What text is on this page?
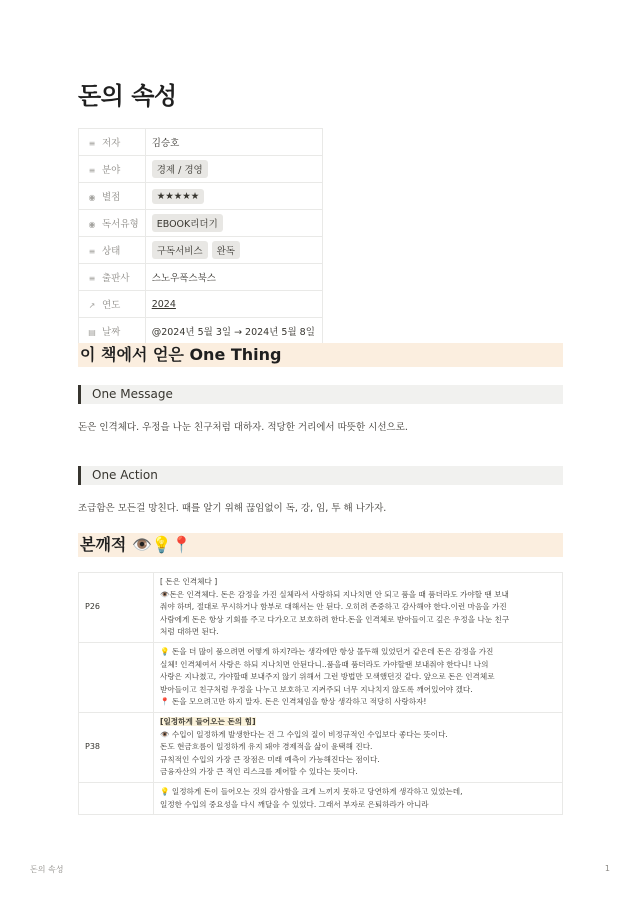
돈의 속성
≡ 저자	김승호
≡ 분야	경제 / 경영
◉ 별점	★★★★★
◉ 독서유형	EBOOK리더기
≡ 상태	구독서비스 완독
≡ 출판사	스노우폭스북스
↗ 연도	2024
▤ 날짜	@2024년 5월 3일 → 2024년 5월 8일
이 책에서 얻은 One Thing
One Message
돈은 인격체다. 우정을 나눈 친구처럼 대하자. 적당한 거리에서 따뜻한 시선으로.
One Action
조급함은 모든걸 망친다. 때를 알기 위해 끊임없이 독, 강, 임, 투 해 나가자.
본깨적 👁️💡📍
P26	[ 돈은 인격체다 ]
👁️돈은 인격체다. 돈은 감정을 가진 실체라서 사랑하되 지나치면 안 되고 품을 때 품더라도 가야할 땐 보내
줘야 하며, 절대로 무시하거나 함부로 대해서는 안 된다. 오히려 존중하고 감사해야 한다.이런 마음을 가진
사람에게 돈은 항상 기회를 주고 다가오고 보호하려 한다.돈을 인격체로 받아들이고 깊은 우정을 나눈 친구
처럼 대하면 된다.

	💡 돈을 더 많이 품으려면 어떻게 하지?라는 생각에만 항상 몰두해 있었던거 같은데 돈은 감정을 가진
실체! 인격체여서 사랑은 하되 지나치면 안된다니..품을때 품더라도 가야할땐 보내줘야 한다니! 나의
사랑은 지나쳤고, 가야할때 보내주지 않기 위해서 그런 방법만 모색했던것 같다. 앞으로 돈은 인격체로
받아들이고 친구처럼 우정을 나누고 보호하고 지켜주되 너무 지나치지 않도록 깨어있어야 겠다.
📍 돈을 모으려고만 하지 말자. 돈은 인격체임을 항상 생각하고 적당히 사랑하자!

P38	[일정하게 들어오는 돈의 힘]
👁️ 수입이 일정하게 발생한다는 건 그 수입의 질이 비정규적인 수입보다 좋다는 뜻이다.
돈도 현금흐름이 일정하게 유지 돼야 경제적을 삶이 윤택해 진다.
규칙적인 수입의 가장 큰 장점은 미래 예측이 가능해진다는 점이다.
금융자산의 가장 큰 적인 리스크를 제어할 수 있다는 뜻이다.

	💡 일정하게 돈이 들어오는 것의 감사함을 크게 느끼지 못하고 당연하게 생각하고 있었는데,
일정한 수입의 중요성을 다시 깨달을 수 있었다. 그래서 부자로 은퇴하라가 아니라
돈의 속성	1
